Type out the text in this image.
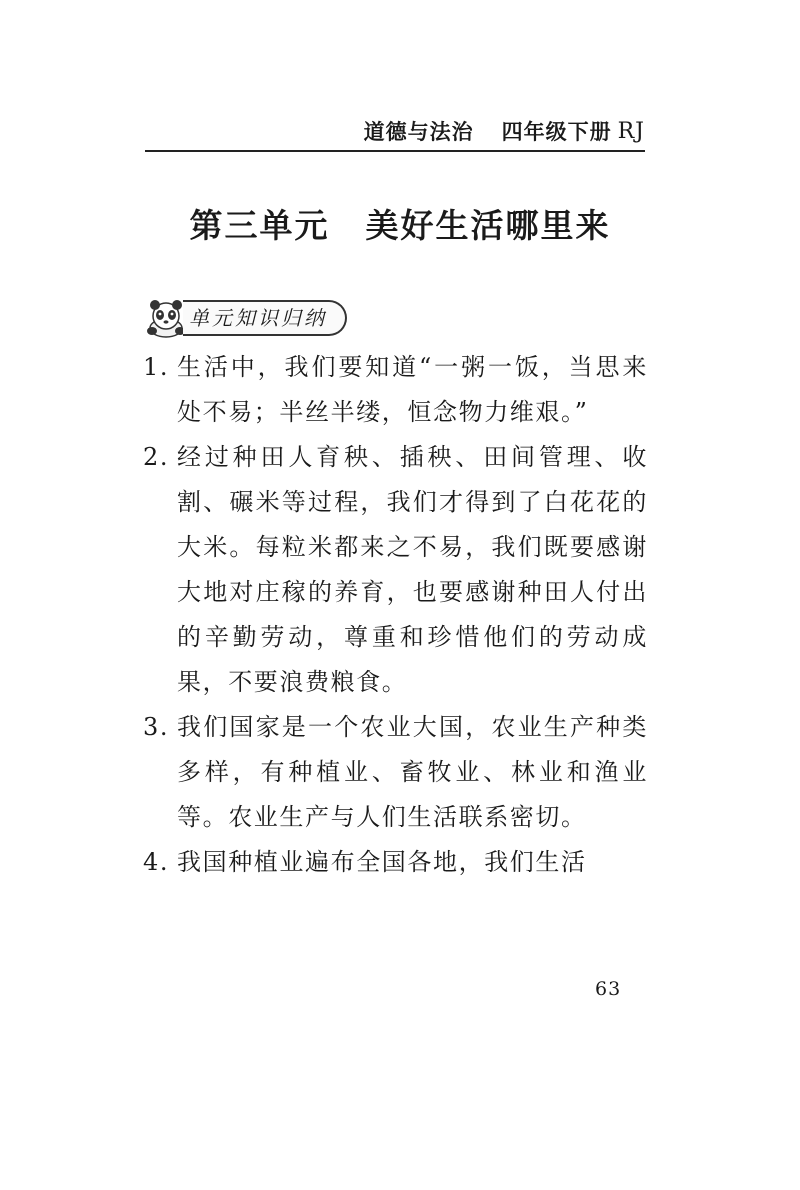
道德与法治 四年级下册 RJ
第三单元 美好生活哪里来
单元知识归纳
1. 生活中，我们要知道“一粥一饭，当思来处不易；半丝半缕，恒念物力维艰。”
2. 经过种田人育秧、插秧、田间管理、收割、碾米等过程，我们才得到了白花花的大米。每粒米都来之不易，我们既要感谢大地对庄稼的养育，也要感谢种田人付出的辛勤劳动，尊重和珍惜他们的劳动成果，不要浪费粮食。
3. 我们国家是一个农业大国，农业生产种类多样，有种植业、畜牧业、林业和渔业等。农业生产与人们生活联系密切。
4. 我国种植业遍布全国各地，我们生活
63
